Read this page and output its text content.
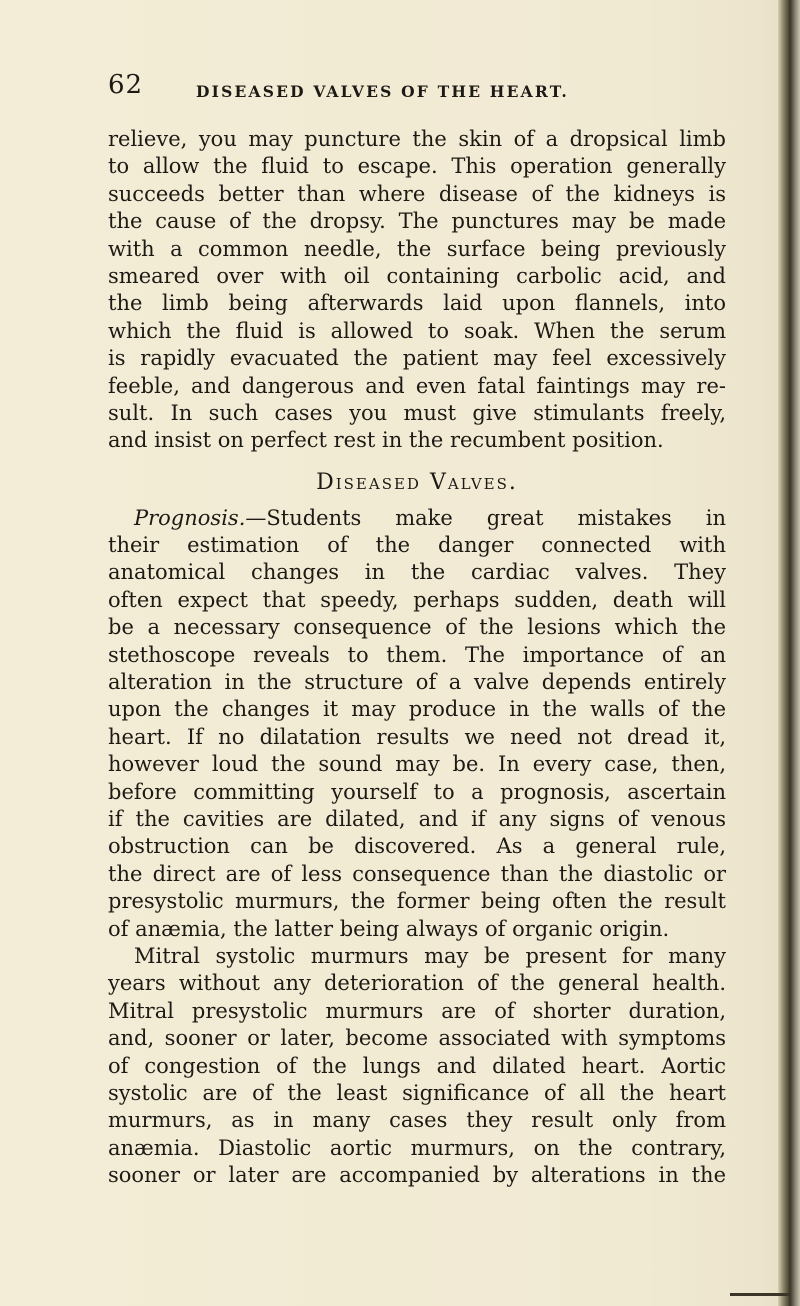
62	DISEASED VALVES OF THE HEART.
relieve, you may puncture the skin of a dropsical limb
to allow the fluid to escape. This operation generally
succeeds better than where disease of the kidneys is
the cause of the dropsy. The punctures may be made
with a common needle, the surface being previously
smeared over with oil containing carbolic acid, and
the limb being afterwards laid upon flannels, into
which the fluid is allowed to soak. When the serum
is rapidly evacuated the patient may feel excessively
feeble, and dangerous and even fatal faintings may re-
sult. In such cases you must give stimulants freely,
and insist on perfect rest in the recumbent position.
Diseased Valves.
Prognosis.—Students make great mistakes in
their estimation of the danger connected with
anatomical changes in the cardiac valves. They
often expect that speedy, perhaps sudden, death will
be a necessary consequence of the lesions which the
stethoscope reveals to them. The importance of an
alteration in the structure of a valve depends entirely
upon the changes it may produce in the walls of the
heart. If no dilatation results we need not dread it,
however loud the sound may be. In every case, then,
before committing yourself to a prognosis, ascertain
if the cavities are dilated, and if any signs of venous
obstruction can be discovered. As a general rule,
the direct are of less consequence than the diastolic or
presystolic murmurs, the former being often the result
of anæmia, the latter being always of organic origin.
Mitral systolic murmurs may be present for many
years without any deterioration of the general health.
Mitral presystolic murmurs are of shorter duration,
and, sooner or later, become associated with symptoms
of congestion of the lungs and dilated heart. Aortic
systolic are of the least significance of all the heart
murmurs, as in many cases they result only from
anæmia. Diastolic aortic murmurs, on the contrary,
sooner or later are accompanied by alterations in the
